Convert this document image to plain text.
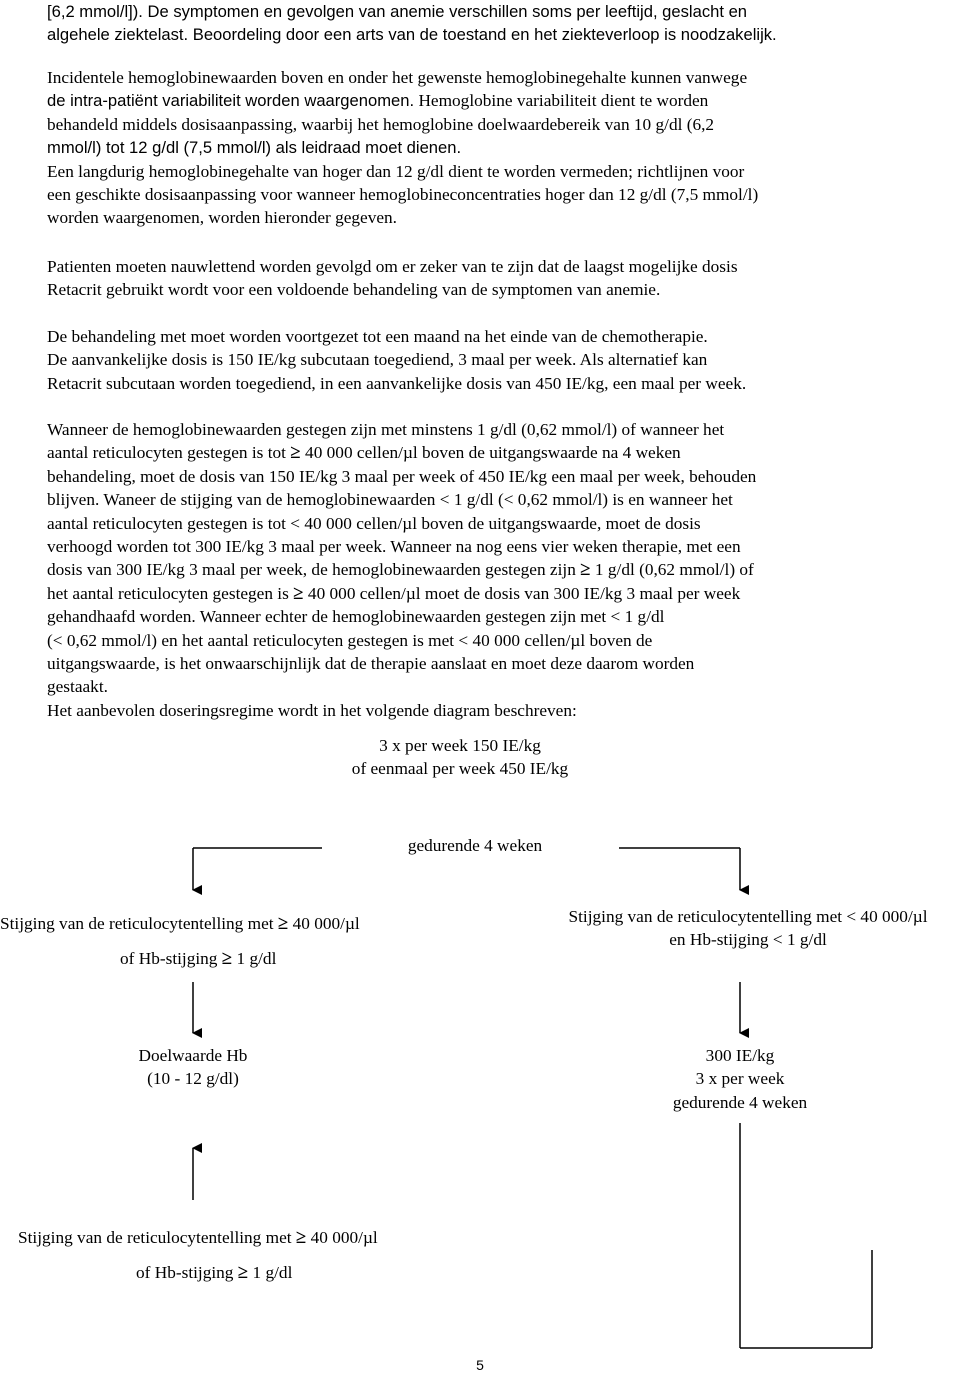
[6,2 mmol/l]). De symptomen en gevolgen van anemie verschillen soms per leeftijd, geslacht en
algehele ziektelast. Beoordeling door een arts van de toestand en het ziekteverloop is noodzakelijk.
Incidentele hemoglobinewaarden boven en onder het gewenste hemoglobinegehalte kunnen vanwege
de intra-patiënt variabiliteit worden waargenomen. Hemoglobine variabiliteit dient te worden
behandeld middels dosisaanpassing, waarbij het hemoglobine doelwaardebereik van 10 g/dl (6,2
mmol/l) tot 12 g/dl (7,5 mmol/l) als leidraad moet dienen.
Een langdurig hemoglobinegehalte van hoger dan 12 g/dl dient te worden vermeden; richtlijnen voor
een geschikte dosisaanpassing voor wanneer hemoglobineconcentraties hoger dan 12 g/dl (7,5 mmol/l)
worden waargenomen, worden hieronder gegeven.
Patienten moeten nauwlettend worden gevolgd om er zeker van te zijn dat de laagst mogelijke dosis
Retacrit gebruikt wordt voor een voldoende behandeling van de symptomen van anemie.
De behandeling met moet worden voortgezet tot een maand na het einde van de chemotherapie.
De aanvankelijke dosis is 150 IE/kg subcutaan toegediend, 3 maal per week. Als alternatief kan
Retacrit subcutaan worden toegediend, in een aanvankelijke dosis van 450 IE/kg, een maal per week.
Wanneer de hemoglobinewaarden gestegen zijn met minstens 1 g/dl (0,62 mmol/l) of wanneer het
aantal reticulocyten gestegen is tot ≥ 40 000 cellen/µl boven de uitgangswaarde na 4 weken
behandeling, moet de dosis van 150 IE/kg 3 maal per week of 450 IE/kg een maal per week, behouden
blijven. Waneer de stijging van de hemoglobinewaarden < 1 g/dl (< 0,62 mmol/l) is en wanneer het
aantal reticulocyten gestegen is tot < 40 000 cellen/µl boven de uitgangswaarde, moet de dosis
verhoogd worden tot 300 IE/kg 3 maal per week. Wanneer na nog eens vier weken therapie, met een
dosis van 300 IE/kg 3 maal per week, de hemoglobinewaarden gestegen zijn ≥ 1 g/dl (0,62 mmol/l) of
het aantal reticulocyten gestegen is ≥ 40 000 cellen/µl moet de dosis van 300 IE/kg 3 maal per week
gehandhaafd worden. Wanneer echter de hemoglobinewaarden gestegen zijn met < 1 g/dl
(< 0,62 mmol/l) en het aantal reticulocyten gestegen is met < 40 000 cellen/µl boven de
uitgangswaarde, is het onwaarschijnlijk dat de therapie aanslaat en moet deze daarom worden
gestaakt.
Het aanbevolen doseringsregime wordt in het volgende diagram beschreven:
3 x per week 150 IE/kg
of eenmaal per week 450 IE/kg
gedurende 4 weken
Stijging van de reticulocytentelling met ≥ 40 000/µl
of Hb-stijging ≥ 1 g/dl
Stijging van de reticulocytentelling met < 40 000/µl
en Hb-stijging < 1 g/dl
Doelwaarde Hb
(10 - 12 g/dl)
300 IE/kg
3 x per week
gedurende 4 weken
Stijging van de reticulocytentelling met ≥ 40 000/µl
of Hb-stijging ≥ 1 g/dl
5
